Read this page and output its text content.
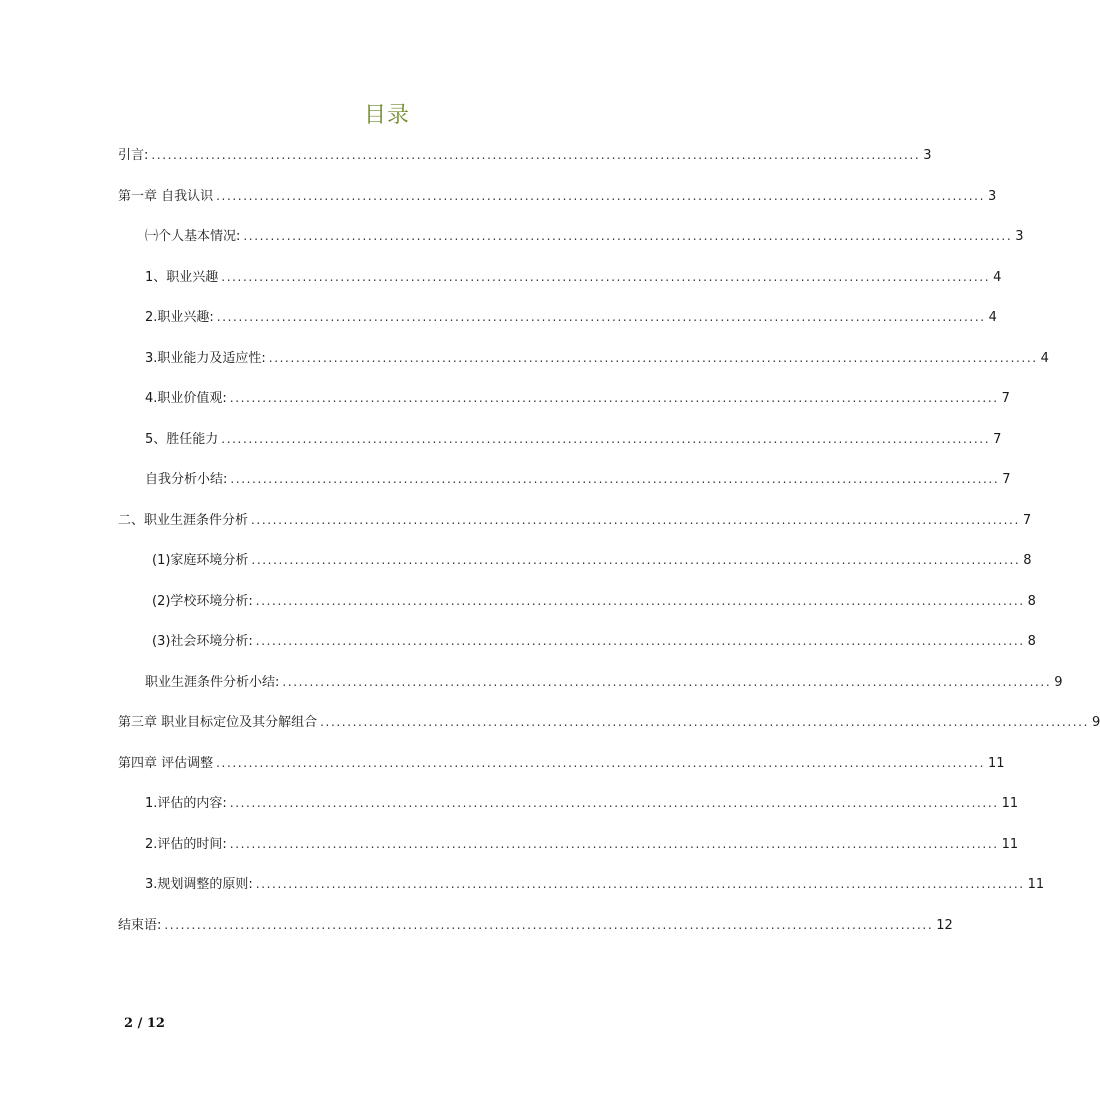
目录
引言: .............................................................................................................................................. 3
第一章 自我认识 .............................................................................................................................................. 3
㈠个人基本情况: .............................................................................................................................................. 3
1、职业兴趣 .............................................................................................................................................. 4
2.职业兴趣: .............................................................................................................................................. 4
3.职业能力及适应性: .............................................................................................................................................. 4
4.职业价值观: .............................................................................................................................................. 7
5、胜任能力 .............................................................................................................................................. 7
自我分析小结: .............................................................................................................................................. 7
二、职业生涯条件分析 .............................................................................................................................................. 7
(1)家庭环境分析 .............................................................................................................................................. 8
(2)学校环境分析: .............................................................................................................................................. 8
(3)社会环境分析: .............................................................................................................................................. 8
职业生涯条件分析小结: .............................................................................................................................................. 9
第三章 职业目标定位及其分解组合 .............................................................................................................................................. 9
第四章 评估调整 .............................................................................................................................................. 11
1.评估的内容: .............................................................................................................................................. 11
2.评估的时间: .............................................................................................................................................. 11
3.规划调整的原则: .............................................................................................................................................. 11
结束语: .............................................................................................................................................. 12
2 / 12
